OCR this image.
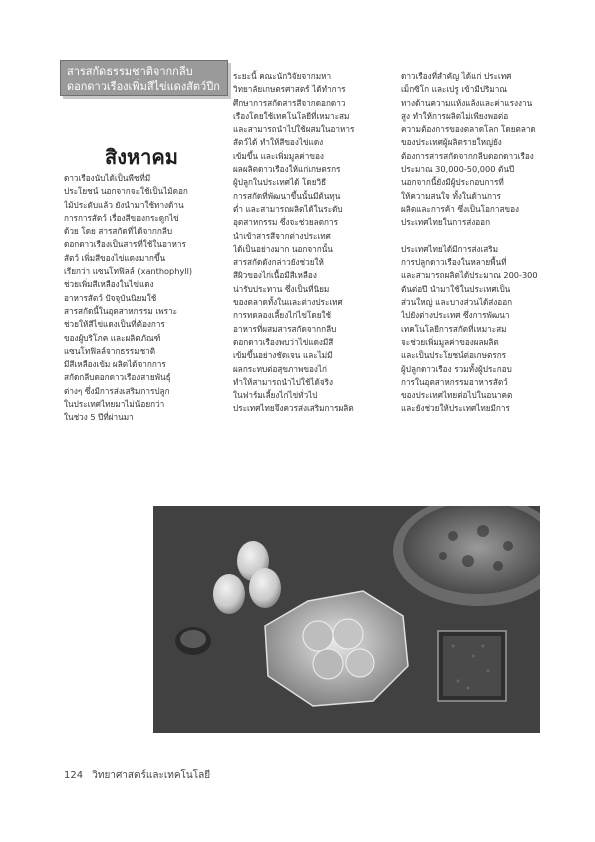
สารสกัดธรรมชาติจากกลีบ
ดอกดาวเรืองเพิ่มสีไข่แดงสัตว์ปีก
สิงหาคม
ดาวเรืองนับได้เป็นพืชที่มี
ประโยชน์ นอกจากจะใช้เป็นไม้ดอก
ไม้ประดับแล้ว ยังนำมาใช้ทางด้าน
การการสัตว์ เรื่องสีของกระดูกไข่
ด้วย โดย สารสกัดที่ได้จากกลีบ
ดอกดาวเรืองเป็นสารที่ใช้ในอาหาร
สัตว์ เพิ่มสีของไข่แดงมากขึ้น
เรียกว่า แซนโทฟิลล์ (xanthophyll)
ช่วยเพิ่มสีเหลืองในไข่แดง
อาหารสัตว์ ปัจจุบันนิยมใช้
สารสกัดนี้ในอุตสาหกรรม เพราะ
ช่วยให้สีไข่แดงเป็นที่ต้องการ
ของผู้บริโภค และผลิตภัณฑ์
แซนโทฟิลล์จากธรรมชาติ
มีสีเหลืองเข้ม ผลิตได้จากการ
สกัดกลีบดอกดาวเรืองสายพันธุ์
ต่างๆ ซึ่งมีการส่งเสริมการปลูก
ในประเทศไทยมาไม่น้อยกว่า
ในช่วง 5 ปีที่ผ่านมา
ระยะนี้ คณะนักวิจัยจากมหา
วิทยาลัยเกษตรศาสตร์ ได้ทำการ
ศึกษาการสกัดสารสีจากดอกดาว
เรืองโดยใช้เทคโนโลยีที่เหมาะสม
และสามารถนำไปใช้ผสมในอาหาร
สัตว์ได้ ทำให้สีของไข่แดง
เข้มขึ้น และเพิ่มมูลค่าของ
ผลผลิตดาวเรืองให้แก่เกษตรกร
ผู้ปลูกในประเทศได้ โดยวิธี
การสกัดที่พัฒนาขึ้นนั้นมีต้นทุน
ต่ำ และสามารถผลิตได้ในระดับ
อุตสาหกรรม ซึ่งจะช่วยลดการ
นำเข้าสารสีจากต่างประเทศ
ได้เป็นอย่างมาก นอกจากนั้น
สารสกัดดังกล่าวยังช่วยให้
สีผิวของไก่เนื้อมีสีเหลือง
น่ารับประทาน ซึ่งเป็นที่นิยม
ของตลาดทั้งในและต่างประเทศ
การทดลองเลี้ยงไก่ไข่โดยใช้
อาหารที่ผสมสารสกัดจากกลีบ
ดอกดาวเรืองพบว่าไข่แดงมีสี
เข้มขึ้นอย่างชัดเจน และไม่มี
ผลกระทบต่อสุขภาพของไก่
ทำให้สามารถนำไปใช้ได้จริง
ในฟาร์มเลี้ยงไก่ไข่ทั่วไป
ประเทศไทยจึงควรส่งเสริมการผลิต
ดาวเรืองที่สำคัญ ได้แก่ ประเทศ
เม็กซิโก และเปรู เข้ามีปริมาณ
ทางด้านความแห้งแล้งและค่าแรงงาน
สูง ทำให้การผลิตไม่เพียงพอต่อ
ความต้องการของตลาดโลก โดยตลาด
ของประเทศผู้ผลิตรายใหญ่ยัง
ต้องการสารสกัดจากกลีบดอกดาวเรือง
ประมาณ 30,000-50,000 ตันปี
นอกจากนี้ยังมีผู้ประกอบการที่
ให้ความสนใจ ทั้งในด้านการ
ผลิตและการค้า ซึ่งเป็นโอกาสของ
ประเทศไทยในการส่งออก
ประเทศไทยได้มีการส่งเสริม
การปลูกดาวเรืองในหลายพื้นที่
และสามารถผลิตได้ประมาณ 200-300
ตันต่อปี นำมาใช้ในประเทศเป็น
ส่วนใหญ่ และบางส่วนได้ส่งออก
ไปยังต่างประเทศ ซึ่งการพัฒนา
เทคโนโลยีการสกัดที่เหมาะสม
จะช่วยเพิ่มมูลค่าของผลผลิต
และเป็นประโยชน์ต่อเกษตรกร
ผู้ปลูกดาวเรือง รวมทั้งผู้ประกอบ
การในอุตสาหกรรมอาหารสัตว์
ของประเทศไทยต่อไปในอนาคต
และยังช่วยให้ประเทศไทยมีการ
124 วิทยาศาสตร์และเทคโนโลยี
